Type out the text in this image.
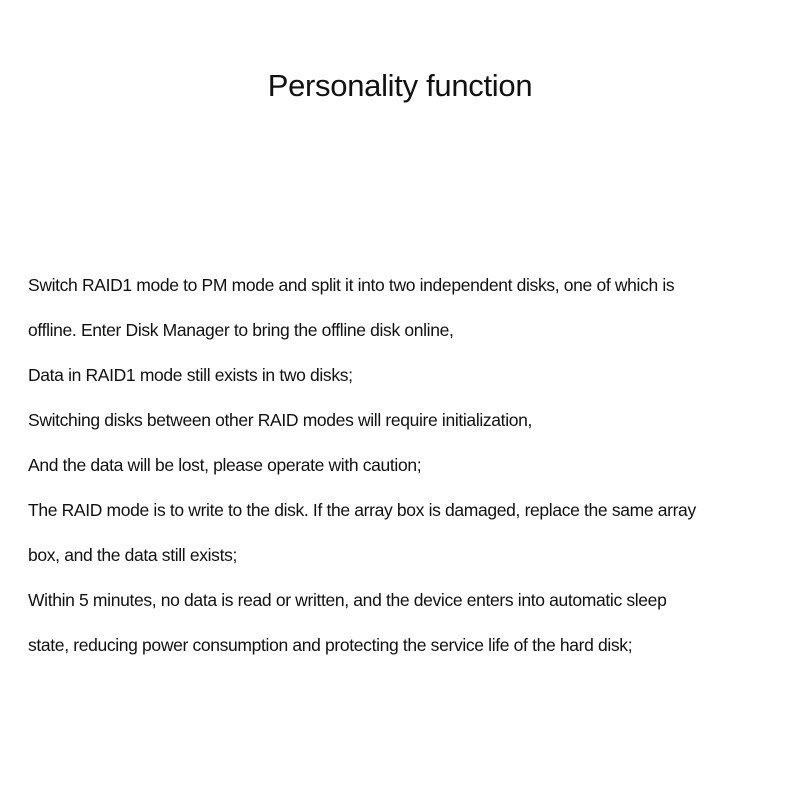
Personality function
Switch RAID1 mode to PM mode and split it into two independent disks, one of which is
offline. Enter Disk Manager to bring the offline disk online,
Data in RAID1 mode still exists in two disks;
Switching disks between other RAID modes will require initialization,
And the data will be lost, please operate with caution;
The RAID mode is to write to the disk. If the array box is damaged, replace the same array
box, and the data still exists;
Within 5 minutes, no data is read or written, and the device enters into automatic sleep
state, reducing power consumption and protecting the service life of the hard disk;
